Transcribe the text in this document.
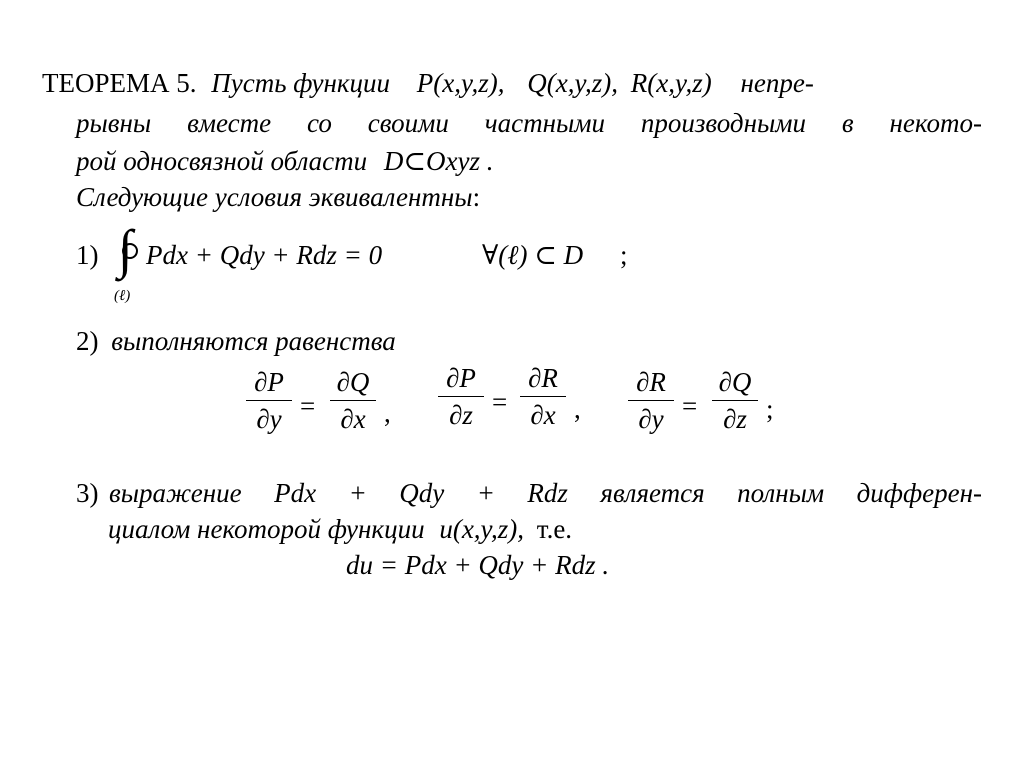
ТЕОРЕМА 5. Пусть функции P(x,y,z), Q(x,y,z), R(x,y,z) непре-
рывны вместе со своими частными производными в некото-
рой односвязной области D⊂Oxyz .
Следующие условия эквивалентны:
1) ∫ Pdx + Qdy + Rdz = 0	∀(ℓ) ⊂ D ;
(ℓ)
2) выполняются равенства
∂P
∂y =
∂Q
∂x ,
∂P
∂z =
∂R
∂x ,
∂R
∂y =
∂Q
∂z ;
3) выражение Pdx + Qdy + Rdz является полным дифферен-
циалом некоторой функции u(x,y,z), т.е.
du = Pdx + Qdy + Rdz .
